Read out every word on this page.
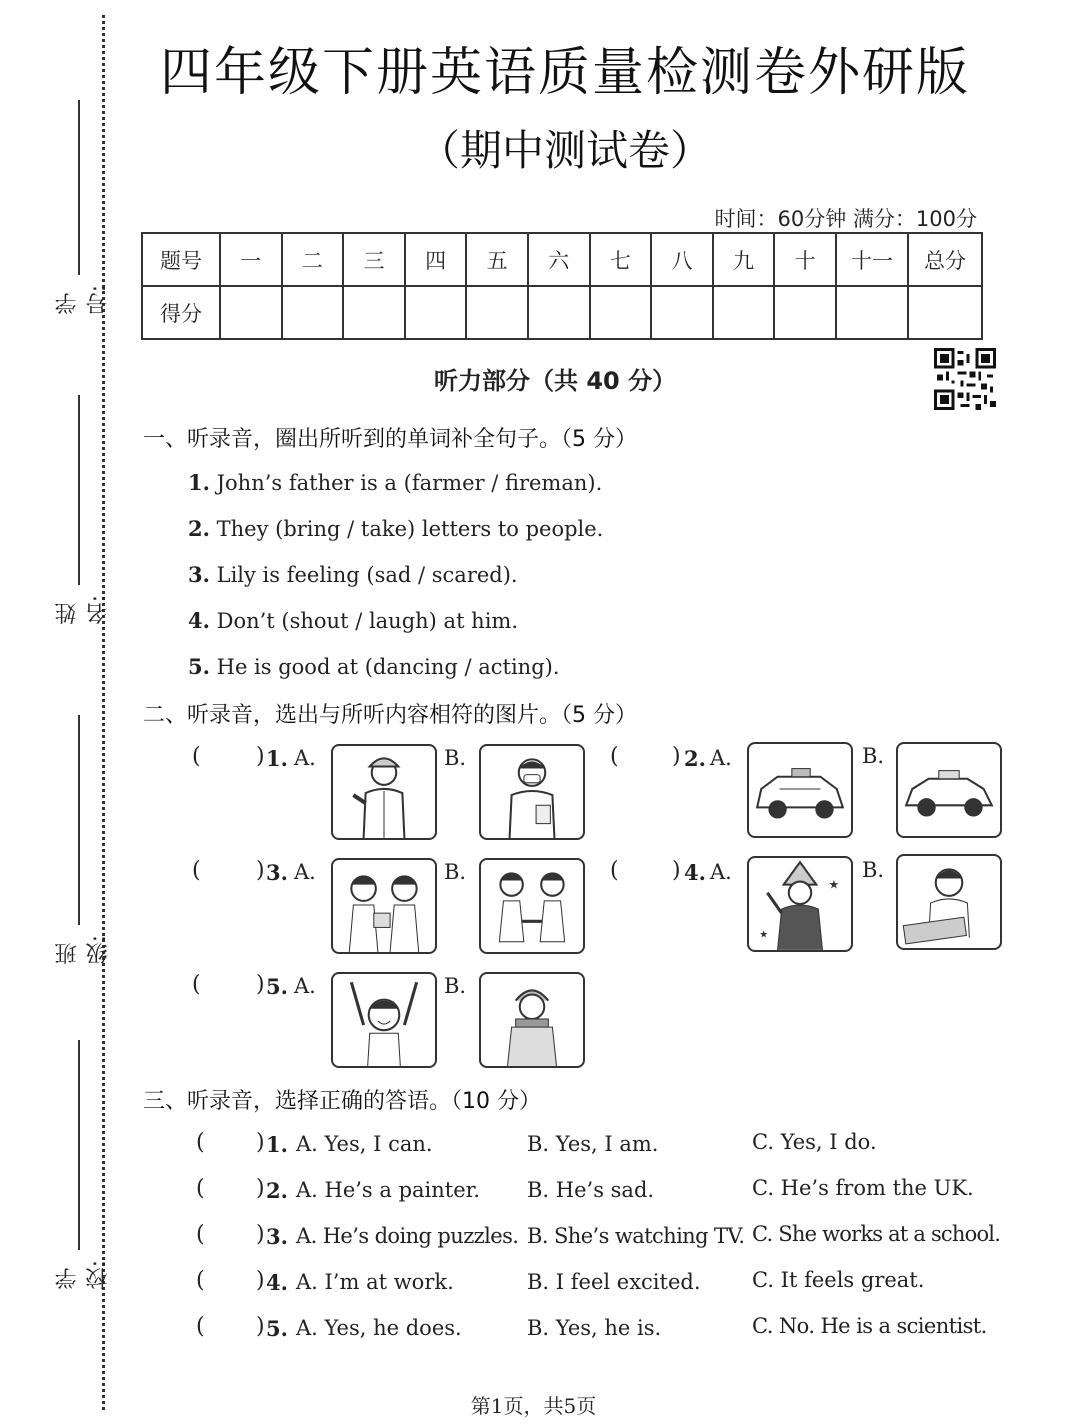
学号:
姓名:
班级:
学校:
四年级下册英语质量检测卷外研版
（期中测试卷）
时间：60分钟 满分：100分
题号	一	二	三	四	五	六	七	八	九	十	十一	总分
得分												
听力部分（共 40 分）
一、听录音，圈出所听到的单词补全句子。（5 分）
1. John’s father is a (farmer / fireman).
2. They (bring / take) letters to people.
3. Lily is feeling (sad / scared).
4. Don’t (shout / laugh) at him.
5. He is good at (dancing / acting).
二、听录音，选出与所听内容相符的图片。（5 分）
(	) 1. A.	B.	( ) 2. A.	B.
(	) 3. A.	B.	( ) 4. A.
★
★
B.
(	) 5. A.	B.
三、听录音，选择正确的答语。（10 分）
( ) 1. A. Yes, I can.	B. Yes, I am.	C. Yes, I do.
( ) 2. A. He’s a painter. B. He’s sad.	C. He’s from the UK.
( ) 3. A. He’s doing puzzles. B. She’s watching TV. C. She works at a school.
( ) 4. A. I’m at work.	B. I feel excited. C. It feels great.
( ) 5. A. Yes, he does.	B. Yes, he is.	C. No. He is a scientist.
第1页，共5页
